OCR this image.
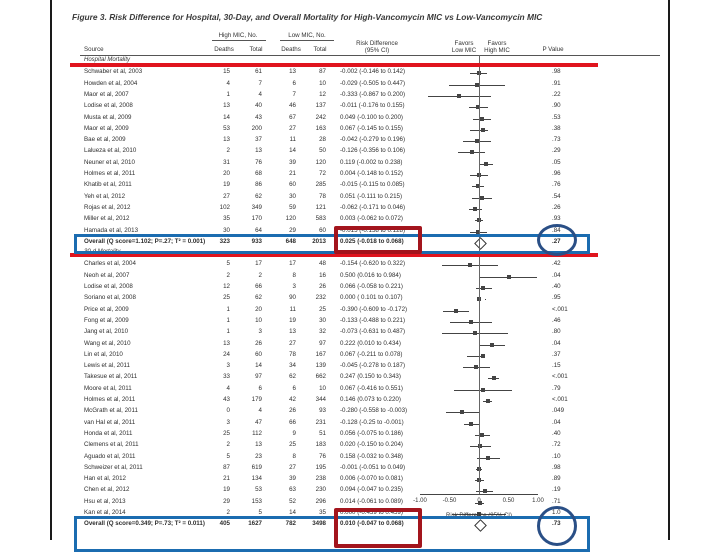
Figure 3. Risk Difference for Hospital, 30-Day, and Overall Mortality for High-Vancomycin MIC vs Low-Vancomycin MIC
High MIC, No.	Low MIC, No.
Source	Deaths	Total	Deaths Total
Risk Difference
(95% CI)
Favors
Low MIC
Favors
High MIC	P Value
Hospital Mortality
Schwaber et al, 2003	15	61	13	87 -0.002 (-0.146 to 0.142)	.98
Howden et al, 2004	4	7	6	10 -0.029 (-0.505 to 0.447)	.91
Maor et al, 2007	1	4	7	12 -0.333 (-0.867 to 0.200)	.22
Lodise et al, 2008	13	40	46	137 -0.011 (-0.176 to 0.155)	.90
Musta et al, 2009	14	43	67	242 0.049 (-0.100 to 0.200)	.53
Maor et al, 2009	53	200	27	163 0.067 (-0.145 to 0.155)	.38
Bae et al, 2009	13	37	11	28 -0.042 (-0.279 to 0.196)	.73
Lalueza et al, 2010	2	13	14	50 -0.126 (-0.356 to 0.106)	.29
Neuner et al, 2010	31	76	39	120 0.119 (-0.002 to 0.238)	.05
Holmes et al, 2011	20	68	21	72 0.004 (-0.148 to 0.152)	.96
Khatib et al, 2011	19	86	60	285 -0.015 (-0.115 to 0.085)	.76
Yeh et al, 2012	27	62	30	78 0.051 (-0.111 to 0.215)	.54
Rojas et al, 2012	102	349	59	121 -0.062 (-0.171 to 0.046)	.26
Miller et al, 2012	35	170	120	583 0.003 (-0.062 to 0.072)	.93
Hamada et al, 2013	30	64	29	60 -0.015 (-0.158 to 0.128)	.84
Overall (Q score=1.102; P=.27; T² = 0.001) 323	933	648	2013 0.025 (-0.018 to 0.068)	.27
Charles et al, 2004	5	17	17	48 -0.154 (-0.620 to 0.322)	.42
Neoh et al, 2007	2	2	8	16 0.500 (0.016 to 0.984)	.04
Lodise et al, 2008	12	66	3	26 0.066 (-0.058 to 0.221)	.40
Soriano et al, 2008	25	62	90	232 0.000 ( 0.101 to 0.107)	.95
Price et al, 2009	1	20	11	25 -0.390 (-0.609 to -0.172)	<.001
Fong et al, 2009	1	10	19	30 -0.133 (-0.488 to 0.221)	.46
Jang et al, 2010	1	3	13	32 -0.073 (-0.631 to 0.487)	.80
Wang et al, 2010	13	26	27	97 0.222 (0.010 to 0.434)	.04
Lin et al, 2010	24	60	78	167 0.067 (-0.211 to 0.078)	.37
Lewis et al, 2011	3	14	34	139 -0.045 (-0.278 to 0.187)	.15
Takesue et al, 2011	33	97	62	662 0.247 (0.150 to 0.343)	<.001
Moore et al, 2011	4	6	6	10 0.067 (-0.416 to 0.551)	.79
Holmes et al, 2011	43	179	42	344 0.146 (0.073 to 0.220)	<.001
McGrath et al, 2011	0	4	26	93 -0.280 (-0.558 to -0.003)	.049
van Hal et al, 2011	3	47	66	231 -0.128 (-0.25 to -0.001)	.04
Honda et al, 2011	25	112	9	51 0.056 (-0.075 to 0.186)	.40
Clemens et al, 2011	2	13	25	183 0.020 (-0.150 to 0.204)	.72
Aguado et al, 2011	5	23	8	76 0.158 (-0.032 to 0.348)	.10
Schweizer et al, 2011	87	619	27	195 -0.001 (-0.051 to 0.049)	.98
Han et al, 2012	21	134	39	238 0.006 (-0.070 to 0.081)	.89
Chen et al, 2012	19	53	63	230 0.094 (-0.047 to 0.235)	.19
Hsu et al, 2013	29	153	52	296 0.014 (-0.061 to 0.089)	.71
Kan et al, 2014	2	5	14	35 0.000 (-0.459 to 0.459)	1.0
Overall (Q score=0.349; P=.73; T² = 0.011) 405	1627	782	3498 0.010 (-0.047 to 0.068)	.73
-1.00	-0.50	0	0.50	1.00
Risk Difference (95% CI)
